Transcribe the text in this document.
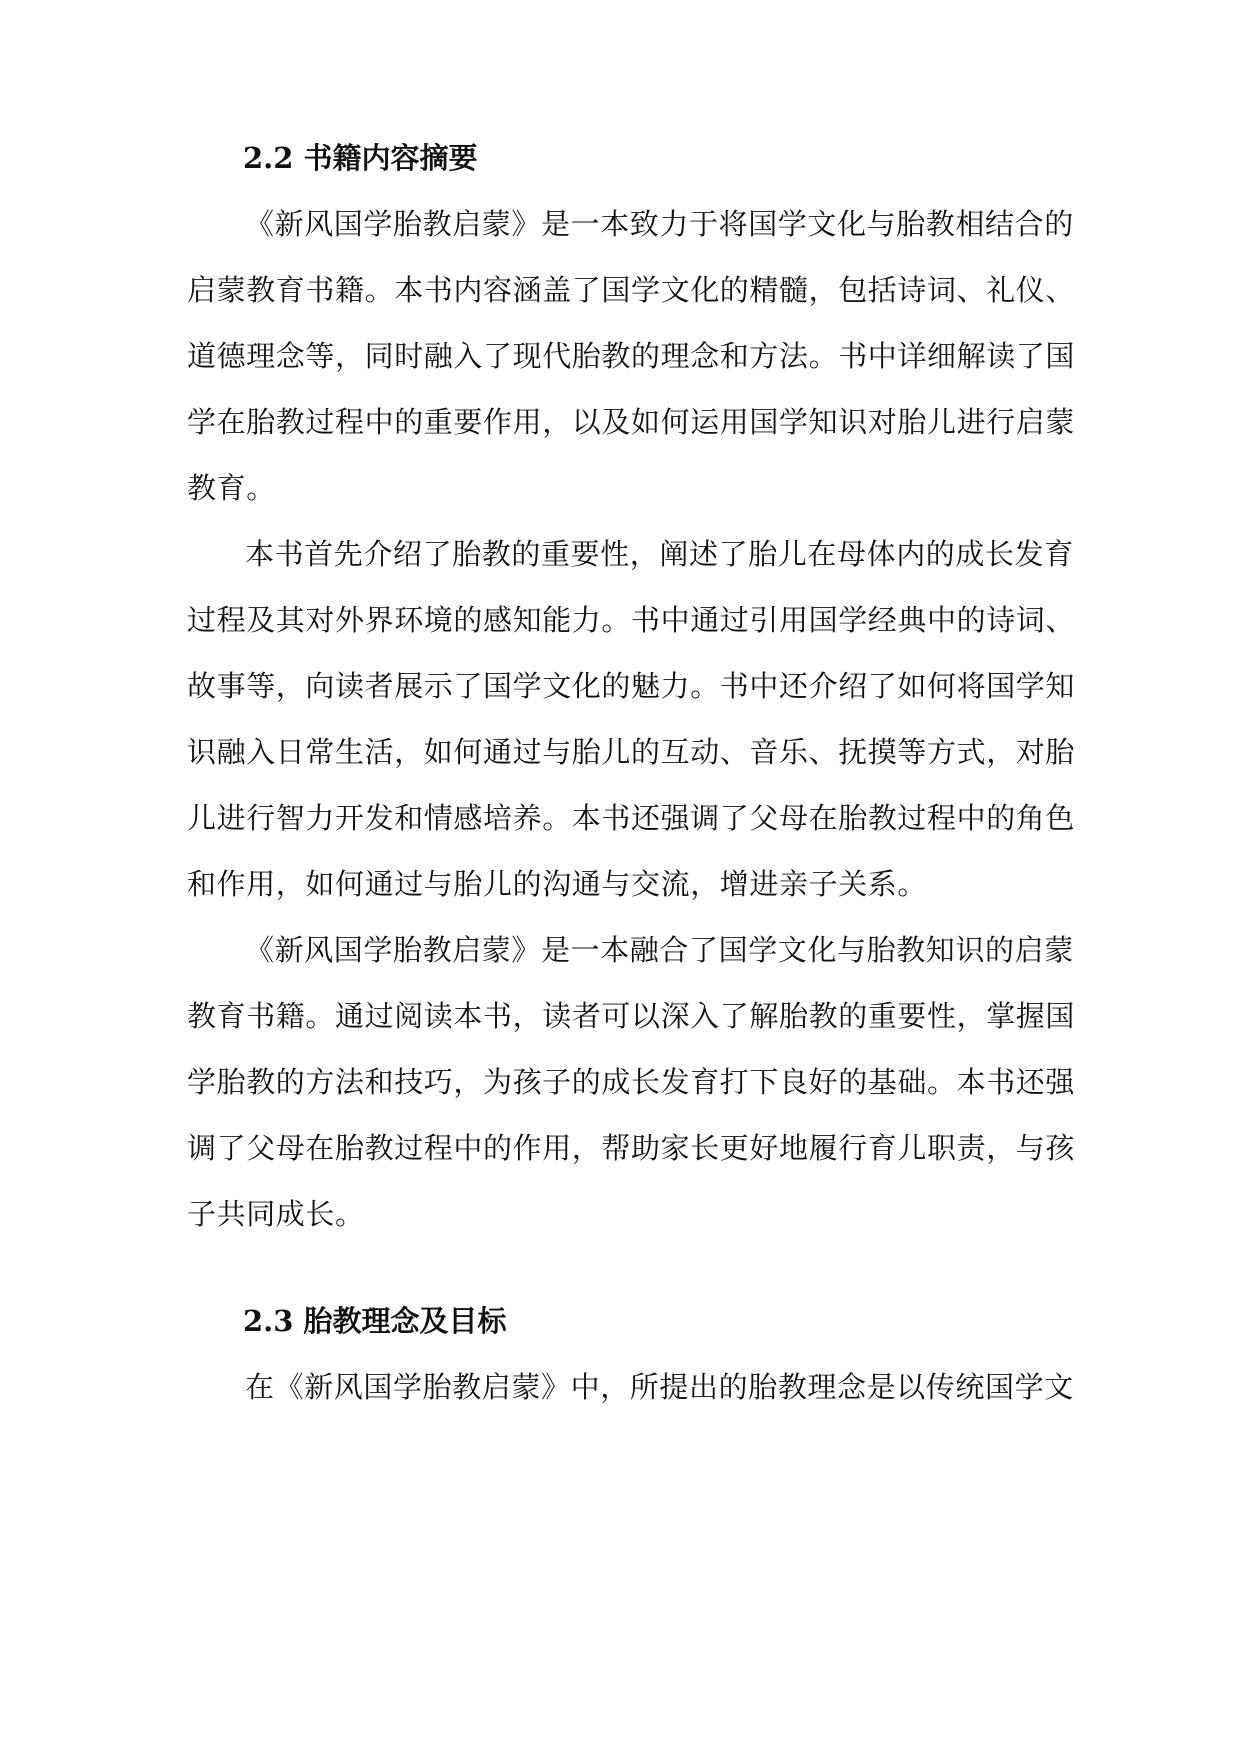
2.2 书籍内容摘要
《新风国学胎教启蒙》是一本致力于将国学文化与胎教相结合的
启蒙教育书籍。本书内容涵盖了国学文化的精髓，包括诗词、礼仪、
道德理念等，同时融入了现代胎教的理念和方法。书中详细解读了国
学在胎教过程中的重要作用，以及如何运用国学知识对胎儿进行启蒙
教育。
本书首先介绍了胎教的重要性，阐述了胎儿在母体内的成长发育
过程及其对外界环境的感知能力。书中通过引用国学经典中的诗词、
故事等，向读者展示了国学文化的魅力。书中还介绍了如何将国学知
识融入日常生活，如何通过与胎儿的互动、音乐、抚摸等方式，对胎
儿进行智力开发和情感培养。本书还强调了父母在胎教过程中的角色
和作用，如何通过与胎儿的沟通与交流，增进亲子关系。
《新风国学胎教启蒙》是一本融合了国学文化与胎教知识的启蒙
教育书籍。通过阅读本书，读者可以深入了解胎教的重要性，掌握国
学胎教的方法和技巧，为孩子的成长发育打下良好的基础。本书还强
调了父母在胎教过程中的作用，帮助家长更好地履行育儿职责，与孩
子共同成长。
2.3 胎教理念及目标
在《新风国学胎教启蒙》中，所提出的胎教理念是以传统国学文
